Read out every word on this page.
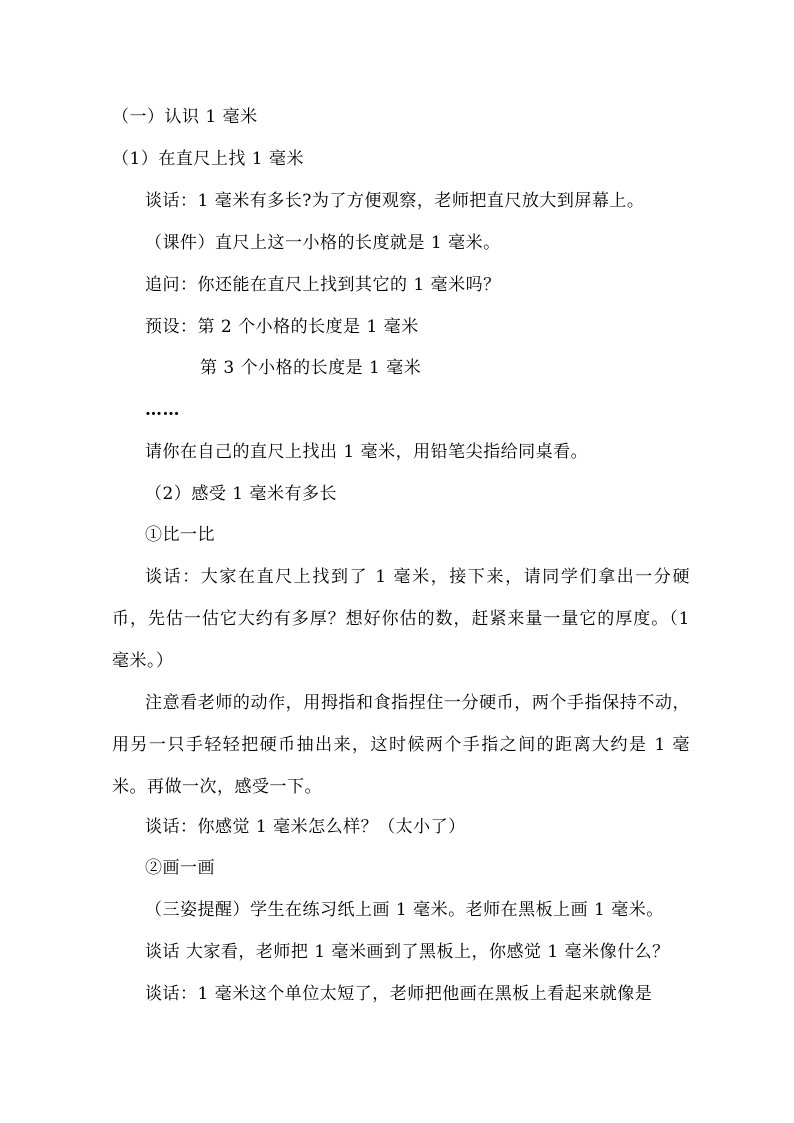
（一）认识 1 毫米
（1）在直尺上找 1 毫米
谈话：1 毫米有多长?为了方便观察，老师把直尺放大到屏幕上。
（课件）直尺上这一小格的长度就是 1 毫米。
追问：你还能在直尺上找到其它的 1 毫米吗？
预设：第 2 个小格的长度是 1 毫米
第 3 个小格的长度是 1 毫米
……
请你在自己的直尺上找出 1 毫米，用铅笔尖指给同桌看。
（2）感受 1 毫米有多长
①比一比
谈话：大家在直尺上找到了 1 毫米，接下来，请同学们拿出一分硬币，先估一估它大约有多厚？想好你估的数，赶紧来量一量它的厚度。（1 毫米。）
注意看老师的动作，用拇指和食指捏住一分硬币，两个手指保持不动，用另一只手轻轻把硬币抽出来，这时候两个手指之间的距离大约是 1 毫米。再做一次，感受一下。
谈话：你感觉 1 毫米怎么样？（太小了）
②画一画
（三姿提醒）学生在练习纸上画 1 毫米。老师在黑板上画 1 毫米。
谈话 大家看，老师把 1 毫米画到了黑板上，你感觉 1 毫米像什么？
谈话：1 毫米这个单位太短了，老师把他画在黑板上看起来就像是
